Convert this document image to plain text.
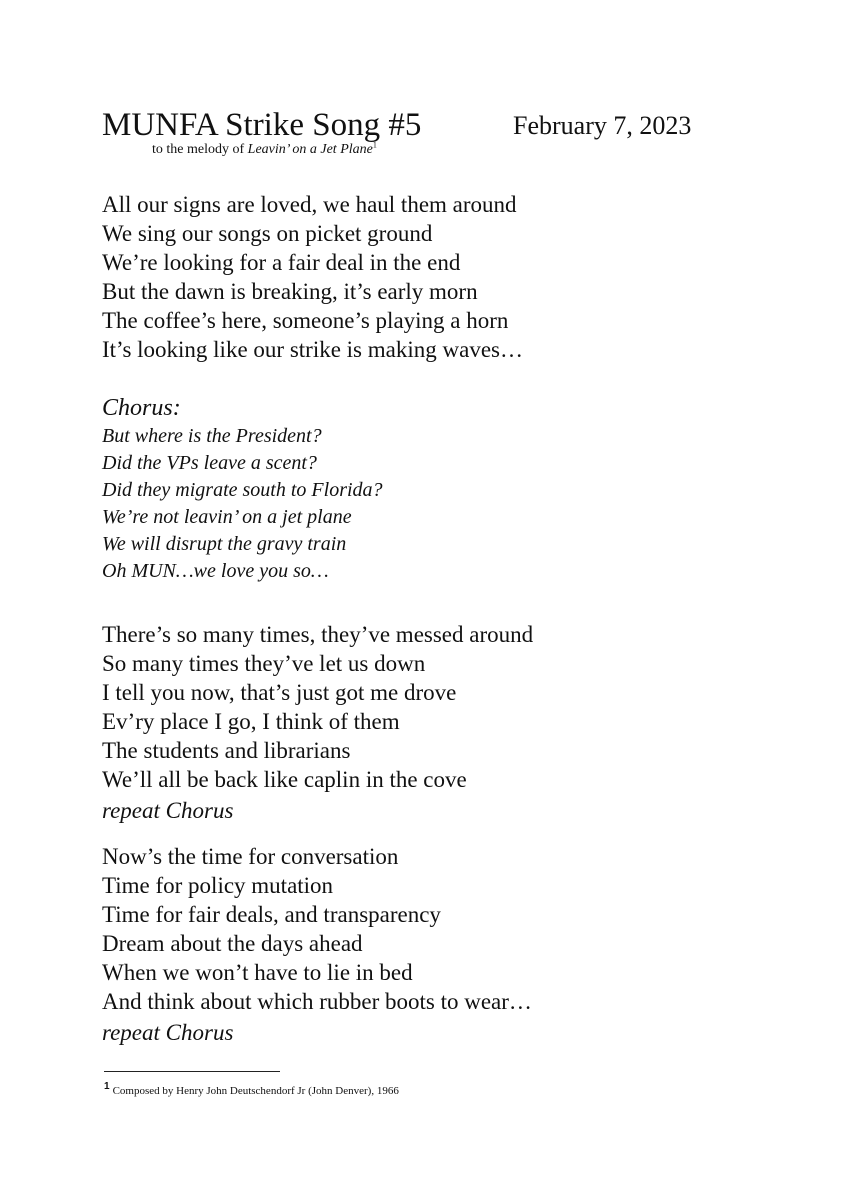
MUNFA Strike Song #5	February 7, 2023
to the melody of Leavin’ on a Jet Plane$^1$
All our signs are loved, we haul them around
We sing our songs on picket ground
We’re looking for a fair deal in the end
But the dawn is breaking, it’s early morn
The coffee’s here, someone’s playing a horn
It’s looking like our strike is making waves…
Chorus:
But where is the President?
Did the VPs leave a scent?
Did they migrate south to Florida?
We’re not leavin’ on a jet plane
We will disrupt the gravy train
Oh MUN…we love you so…
There’s so many times, they’ve messed around
So many times they’ve let us down
I tell you now, that’s just got me drove
Ev’ry place I go, I think of them
The students and librarians
We’ll all be back like caplin in the cove
repeat Chorus
Now’s the time for conversation
Time for policy mutation
Time for fair deals, and transparency
Dream about the days ahead
When we won’t have to lie in bed
And think about which rubber boots to wear…
repeat Chorus
1 Composed by Henry John Deutschendorf Jr (John Denver), 1966
